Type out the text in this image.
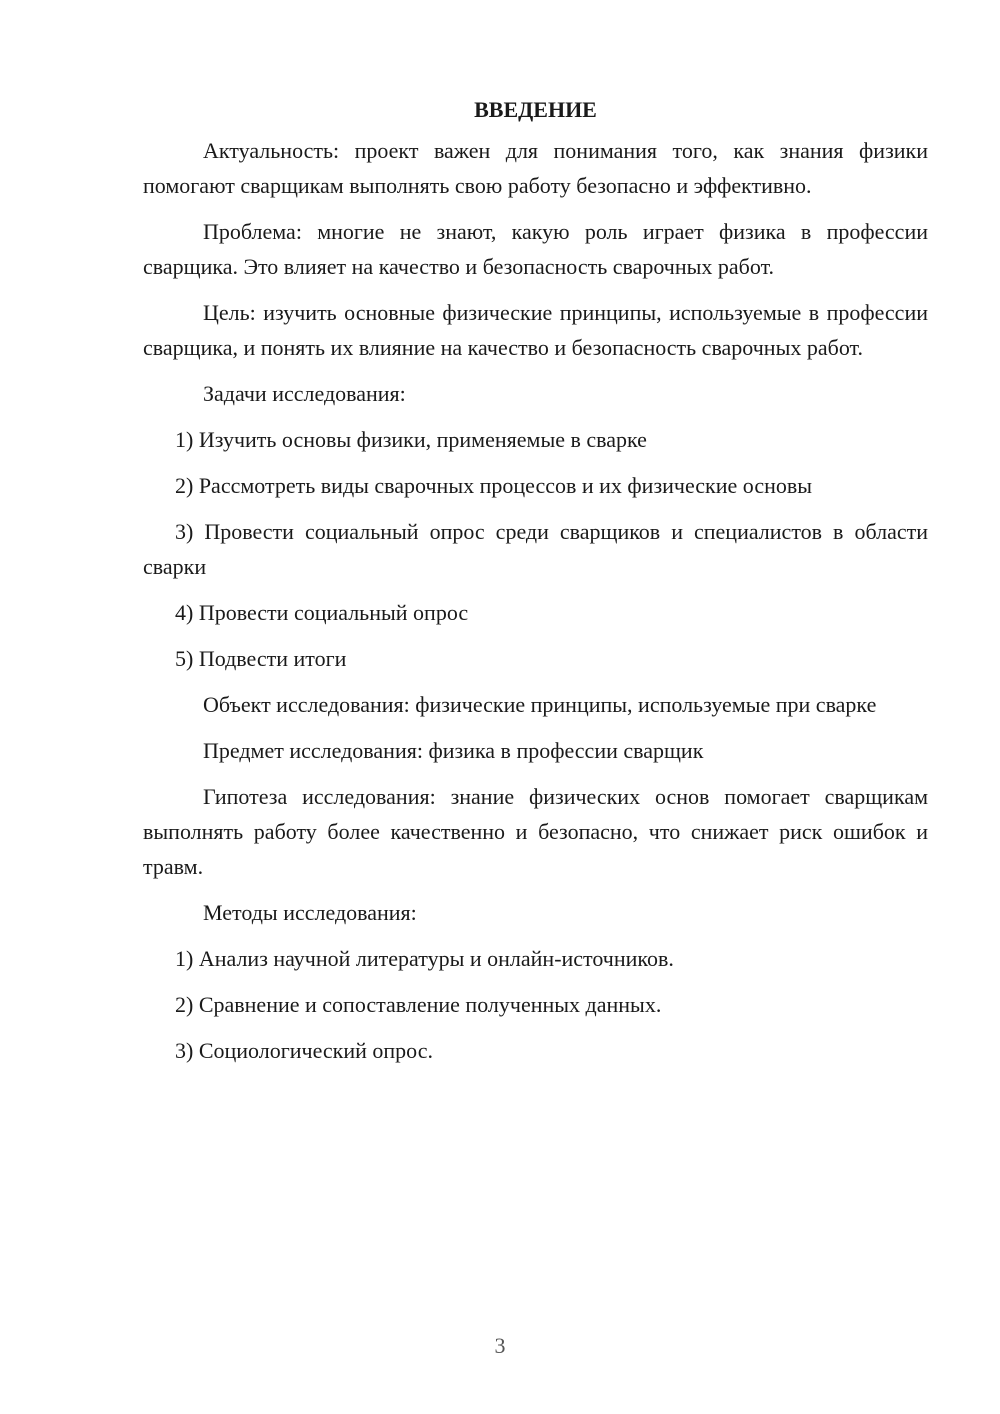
ВВЕДЕНИЕ

Актуальность: проект важен для понимания того, как знания физики помогают сварщикам выполнять свою работу безопасно и эффективно.

Проблема: многие не знают, какую роль играет физика в профессии сварщика. Это влияет на качество и безопасность сварочных работ.

Цель: изучить основные физические принципы, используемые в профессии сварщика, и понять их влияние на качество и безопасность сварочных работ.

Задачи исследования:

1) Изучить основы физики, применяемые в сварке

2) Рассмотреть виды сварочных процессов и их физические основы

3) Провести социальный опрос среди сварщиков и специалистов в области сварки

4) Провести социальный опрос

5) Подвести итоги

Объект исследования: физические принципы, используемые при сварке

Предмет исследования: физика в профессии сварщик

Гипотеза исследования: знание физических основ помогает сварщикам выполнять работу более качественно и безопасно, что снижает риск ошибок и травм.

Методы исследования:

1) Анализ научной литературы и онлайн-источников.

2) Сравнение и сопоставление полученных данных.

3) Социологический опрос.

3
